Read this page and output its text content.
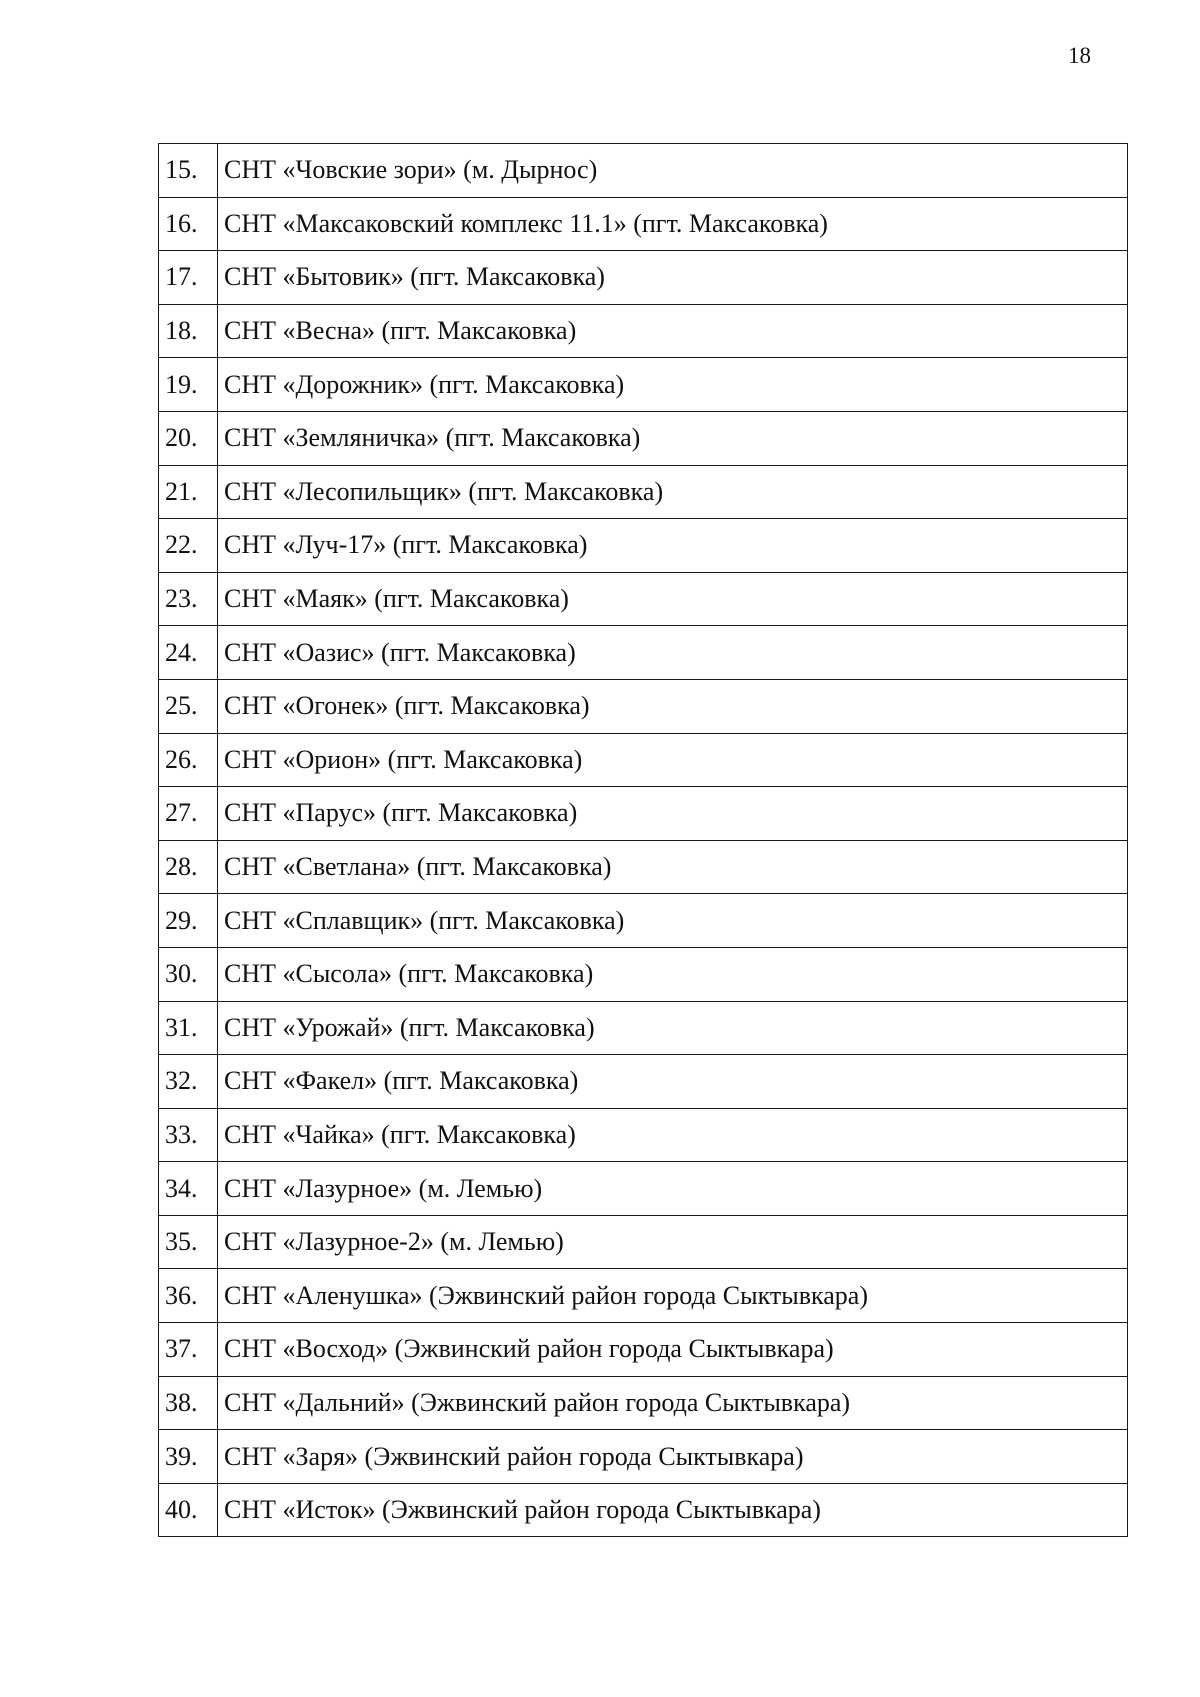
18
15.	СНТ «Човские зори» (м. Дырнос)
16.	СНТ «Максаковский комплекс 11.1» (пгт. Максаковка)
17.	СНТ «Бытовик» (пгт. Максаковка)
18.	СНТ «Весна» (пгт. Максаковка)
19.	СНТ «Дорожник» (пгт. Максаковка)
20.	СНТ «Земляничка» (пгт. Максаковка)
21.	СНТ «Лесопильщик» (пгт. Максаковка)
22.	СНТ «Луч-17» (пгт. Максаковка)
23.	СНТ «Маяк» (пгт. Максаковка)
24.	СНТ «Оазис» (пгт. Максаковка)
25.	СНТ «Огонек» (пгт. Максаковка)
26.	СНТ «Орион» (пгт. Максаковка)
27.	СНТ «Парус» (пгт. Максаковка)
28.	СНТ «Светлана» (пгт. Максаковка)
29.	СНТ «Сплавщик» (пгт. Максаковка)
30.	СНТ «Сысола» (пгт. Максаковка)
31.	СНТ «Урожай» (пгт. Максаковка)
32.	СНТ «Факел» (пгт. Максаковка)
33.	СНТ «Чайка» (пгт. Максаковка)
34.	СНТ «Лазурное» (м. Лемью)
35.	СНТ «Лазурное-2» (м. Лемью)
36.	СНТ «Аленушка» (Эжвинский район города Сыктывкара)
37.	СНТ «Восход» (Эжвинский район города Сыктывкара)
38.	СНТ «Дальний» (Эжвинский район города Сыктывкара)
39.	СНТ «Заря» (Эжвинский район города Сыктывкара)
40.	СНТ «Исток» (Эжвинский район города Сыктывкара)
